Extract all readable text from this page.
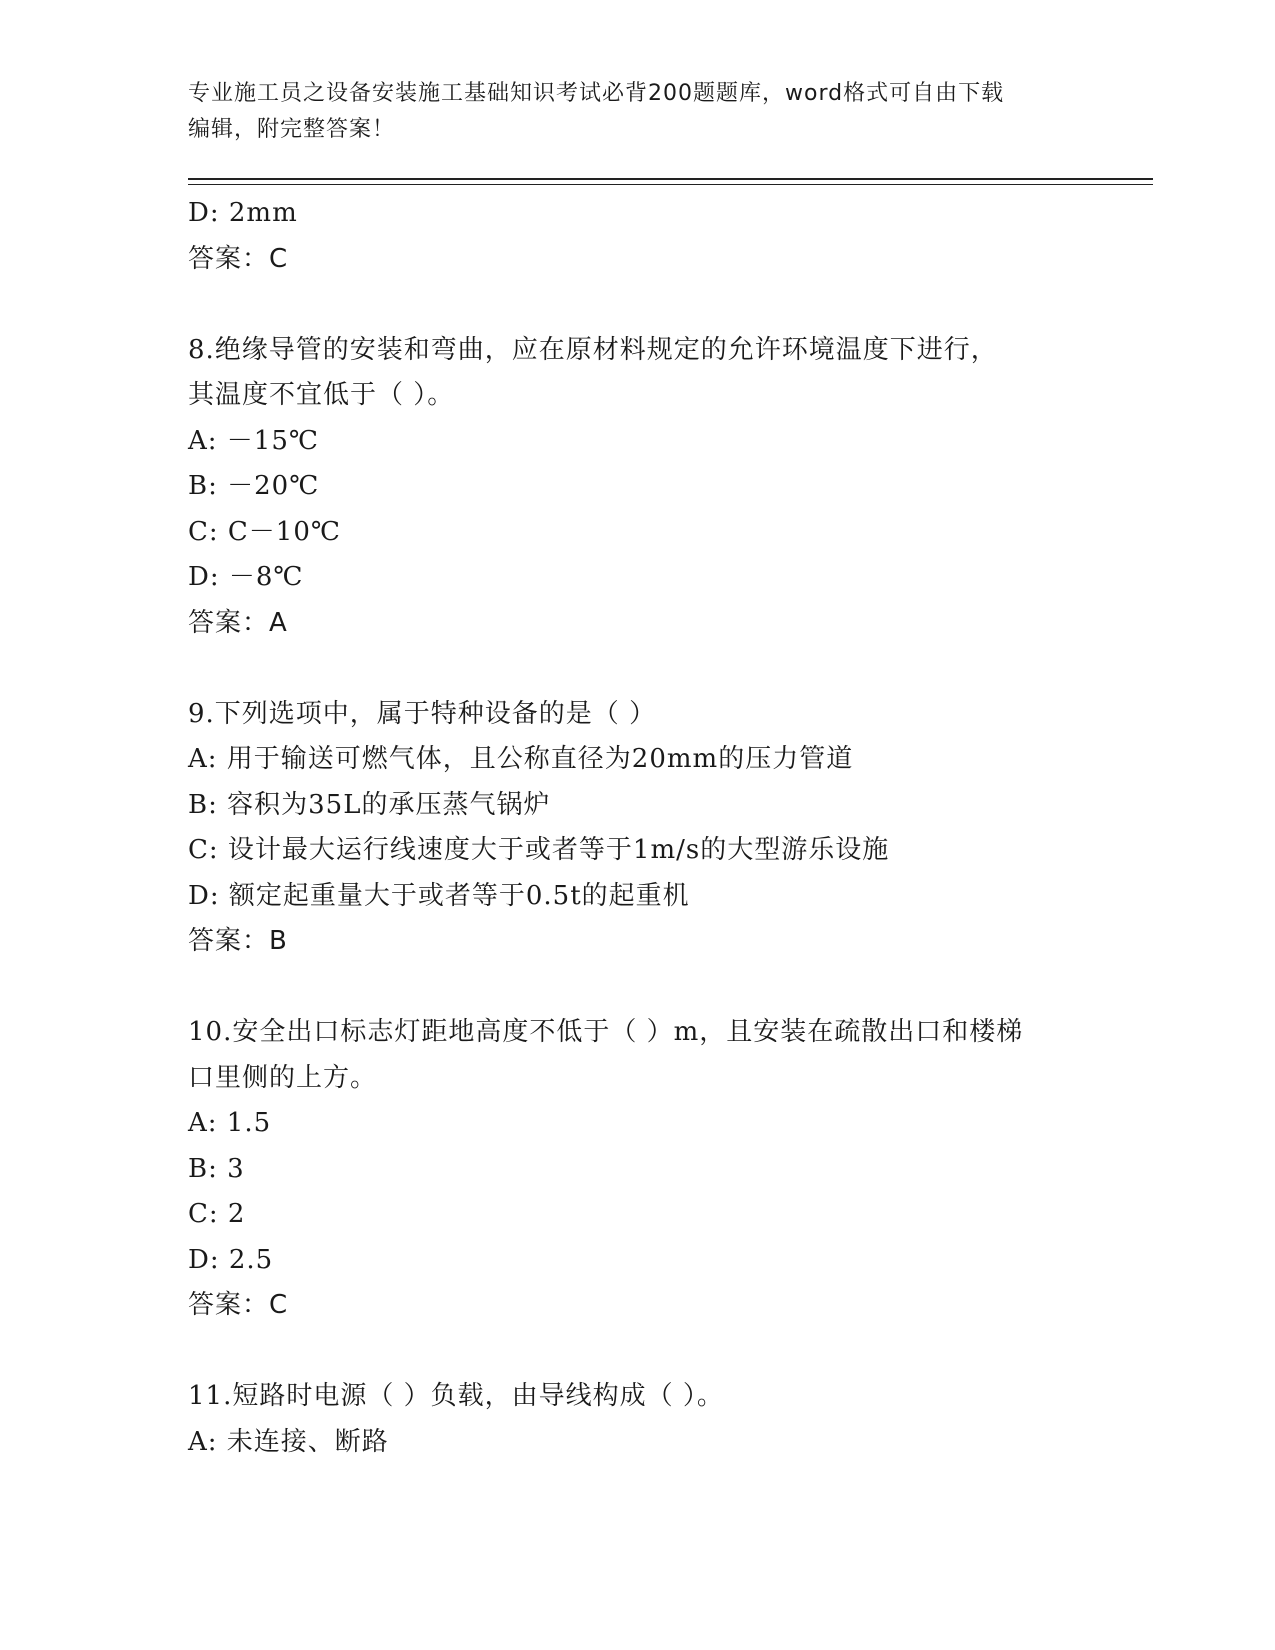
专业施工员之设备安装施工基础知识考试必背200题题库，word格式可自由下载
编辑，附完整答案！
D: 2mm
答案：C
8.绝缘导管的安装和弯曲，应在原材料规定的允许环境温度下进行，
其温度不宜低于（ ）。
A: －15℃
B: －20℃
C: C－10℃
D: －8℃
答案：A
9.下列选项中，属于特种设备的是（ ）
A: 用于输送可燃气体，且公称直径为20mm的压力管道
B: 容积为35L的承压蒸气锅炉
C: 设计最大运行线速度大于或者等于1m/s的大型游乐设施
D: 额定起重量大于或者等于0.5t的起重机
答案：B
10.安全出口标志灯距地高度不低于（ ）m，且安装在疏散出口和楼梯
口里侧的上方。
A: 1.5
B: 3
C: 2
D: 2.5
答案：C
11.短路时电源（ ）负载，由导线构成（ ）。
A: 未连接、断路
